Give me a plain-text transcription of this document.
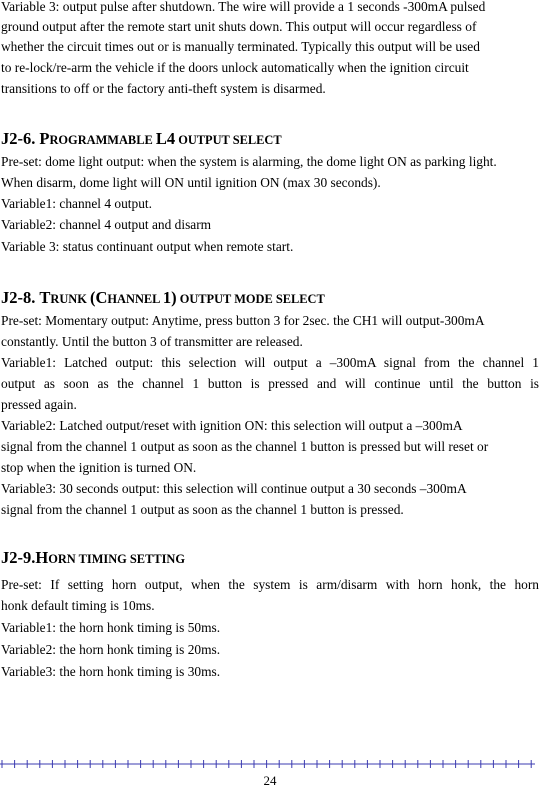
Variable 3: output pulse after shutdown. The wire will provide a 1 seconds -300mA pulsed
ground output after the remote start unit shuts down. This output will occur regardless of
whether the circuit times out or is manually terminated. Typically this output will be used
to re-lock/re-arm the vehicle if the doors unlock automatically when the ignition circuit
transitions to off or the factory anti-theft system is disarmed.
J2-6. PROGRAMMABLE L4 OUTPUT SELECT
Pre-set: dome light output: when the system is alarming, the dome light ON as parking light.
When disarm, dome light will ON until ignition ON (max 30 seconds).
Variable1: channel 4 output.
Variable2: channel 4 output and disarm
Variable 3: status continuant output when remote start.
J2-8. TRUNK (CHANNEL 1) OUTPUT MODE SELECT
Pre-set: Momentary output: Anytime, press button 3 for 2sec. the CH1 will output-300mA
constantly. Until the button 3 of transmitter are released.
Variable1: Latched output: this selection will output a –300mA signal from the channel 1
output as soon as the channel 1 button is pressed and will continue until the button is
pressed again.
Variable2: Latched output/reset with ignition ON: this selection will output a –300mA
signal from the channel 1 output as soon as the channel 1 button is pressed but will reset or
stop when the ignition is turned ON.
Variable3: 30 seconds output: this selection will continue output a 30 seconds –300mA
signal from the channel 1 output as soon as the channel 1 button is pressed.
J2-9.HORN TIMING SETTING
Pre-set: If setting horn output, when the system is arm/disarm with horn honk, the horn
honk default timing is 10ms.
Variable1: the horn honk timing is 50ms.
Variable2: the horn honk timing is 20ms.
Variable3: the horn honk timing is 30ms.
24
